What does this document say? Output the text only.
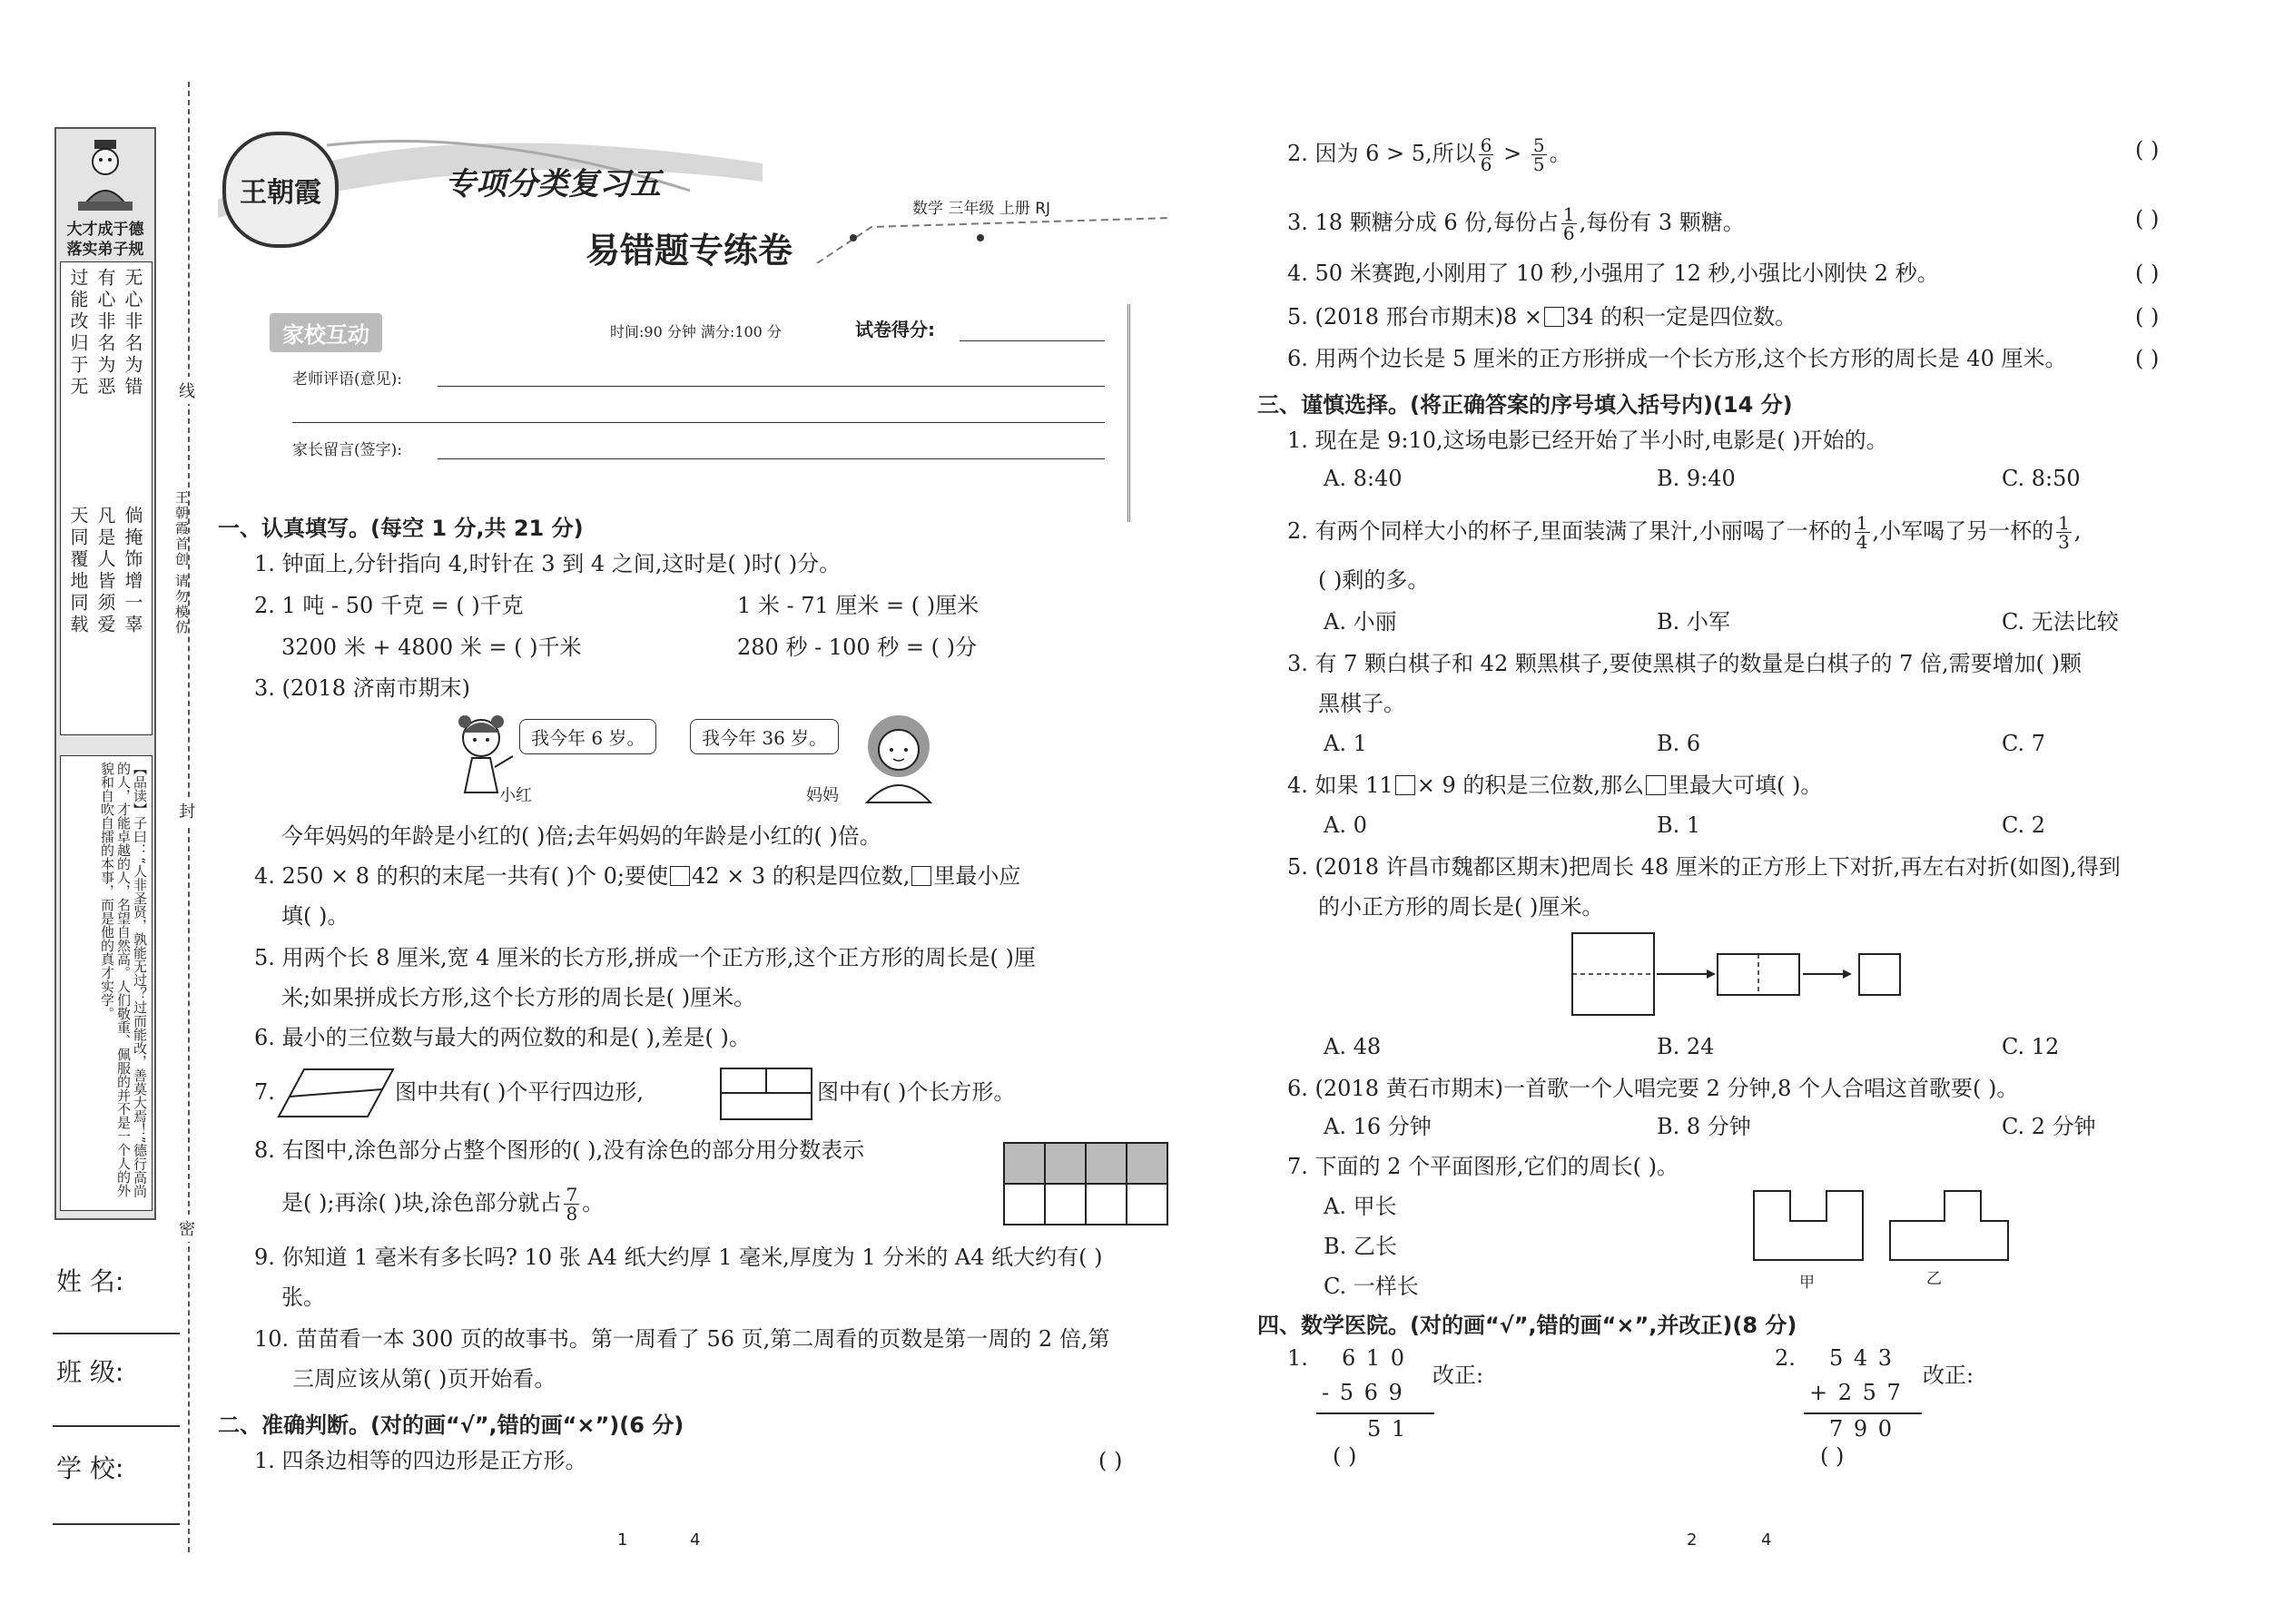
大才成于德 落实弟子规
无心非名为错
有心非名为恶
过能改归于无
倘掩饰增一辜
凡是人皆须爱
天同覆地同载
【品读】子曰：“人非圣贤，孰能无过？过而能改，善莫大焉！”德行高尚的人，才能卓越的人，名望自然高。人们敬重、佩服的并不是一个人的外貌和自吹自擂的本事，而是他的真才实学。
线
封
密
王朝霞首创 请勿模仿
姓 名:
班 级:
学 校:
王朝霞	专项分类复习五
易错题专练卷
数学 三年级 上册 RJ
家校互动	时间:90 分钟 满分:100 分	试卷得分:
老师评语(意见):
家长留言(签字):
一、认真填写。(每空 1 分,共 21 分)
1. 钟面上,分针指向 4,时针在 3 到 4 之间,这时是( )时( )分。
2. 1 吨 - 50 千克 = ( )千克	1 米 - 71 厘米 = ( )厘米
3200 米 + 4800 米 = ( )千米	280 秒 - 100 秒 = ( )分
3. (2018 济南市期末)
小红
我今年 6 岁。	我今年 36 岁。
妈妈
今年妈妈的年龄是小红的( )倍;去年妈妈的年龄是小红的( )倍。
4. 250 × 8 的积的末尾一共有( )个 0;要使 42 × 3 的积是四位数, 里最小应
填( )。
5. 用两个长 8 厘米,宽 4 厘米的长方形,拼成一个正方形,这个正方形的周长是( )厘
米;如果拼成长方形,这个长方形的周长是( )厘米。
6. 最小的三位数与最大的两位数的和是( ),差是( )。
7.	图中共有( )个平行四边形,	图中有( )个长方形。
8. 右图中,涂色部分占整个图形的( ),没有涂色的部分用分数表示
是( );再涂( )块,涂色部分就占 $\frac{7}{8}$ 。
9. 你知道 1 毫米有多长吗? 10 张 A4 纸大约厚 1 毫米,厚度为 1 分米的 A4 纸大约有( )
张。
10. 苗苗看一本 300 页的故事书。第一周看了 56 页,第二周看的页数是第一周的 2 倍,第
三周应该从第( )页开始看。
二、准确判断。(对的画“√”,错的画“×”)(6 分)
1. 四条边相等的四边形是正方形。	( )
1	4
2. 因为 6 > 5,所以 $\frac{6}{6} > \frac{5}{5}$ 。	( )
3. 18 颗糖分成 6 份,每份占 $\frac{1}{6}$ ,每份有 3 颗糖。	( )
4. 50 米赛跑,小刚用了 10 秒,小强用了 12 秒,小强比小刚快 2 秒。	( )
5. (2018 邢台市期末)8 × 34 的积一定是四位数。	( )
6. 用两个边长是 5 厘米的正方形拼成一个长方形,这个长方形的周长是 40 厘米。	( )
三、谨慎选择。(将正确答案的序号填入括号内)(14 分)
1. 现在是 9:10,这场电影已经开始了半小时,电影是( )开始的。
A. 8:40	B. 9:40	C. 8:50
2. 有两个同样大小的杯子,里面装满了果汁,小丽喝了一杯的 $\frac{1}{4}$ ,小军喝了另一杯的 $\frac{1}{3}$ ,
( )剩的多。
A. 小丽	B. 小军	C. 无法比较
3. 有 7 颗白棋子和 42 颗黑棋子,要使黑棋子的数量是白棋子的 7 倍,需要增加( )颗
黑棋子。
A. 1	B. 6	C. 7
4. 如果 11 × 9 的积是三位数,那么 里最大可填( )。
A. 0	B. 1	C. 2
5. (2018 许昌市魏都区期末)把周长 48 厘米的正方形上下对折,再左右对折(如图),得到
的小正方形的周长是( )厘米。
A. 48	B. 24	C. 12
6. (2018 黄石市期末)一首歌一个人唱完要 2 分钟,8 个人合唱这首歌要( )。
A. 16 分钟	B. 8 分钟	C. 2 分钟
7. 下面的 2 个平面图形,它们的周长( )。
A. 甲长
B. 乙长
C. 一样长	甲	乙
四、数学医院。(对的画“√”,错的画“×”,并改正)(8 分)
1. 6 1 0
- 5 6 9
5 1
( )
改正:
2. 5 4 3
+ 2 5 7
7 9 0
( )
改正:
2	4
